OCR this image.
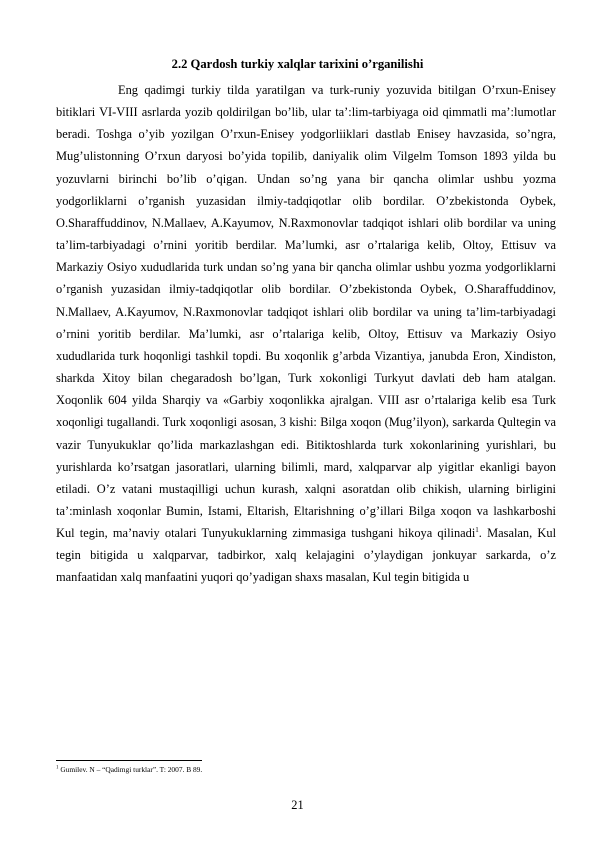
2.2 Qardosh turkiy xalqlar tarixini o’rganilishi

Eng qadimgi turkiy tilda yaratilgan va turk-runiy yozuvida bitilgan O’rxun-Enisey bitiklari VI-VIII asrlarda yozib qoldirilgan bo’lib, ular ta’:lim-tarbiyaga oid qimmatli ma’:lumotlar beradi. Toshga o’yib yozilgan O’rxun-Enisey yodgorliiklari dastlab Enisey havzasida, so’ngra, Mug’ulistonning O’rxun daryosi bo’yida topilib, daniyalik olim Vilgelm Tomson 1893 yilda bu yozuvlarni birinchi bo’lib o’qigan. Undan so’ng yana bir qancha olimlar ushbu yozma yodgorliklarni o’rganish yuzasidan ilmiy-tadqiqotlar olib bordilar. O’zbekistonda Oybek, O.Sharaffuddinov, N.Mallaev, A.Kayumov, N.Raxmonovlar tadqiqot ishlari olib bordilar va uning ta’lim-tarbiyadagi o’rnini yoritib berdilar. Ma’lumki, asr o’rtalariga kelib, Oltoy, Ettisuv va Markaziy Osiyo xududlarida turk undan so’ng yana bir qancha olimlar ushbu yozma yodgorliklarni o’rganish yuzasidan ilmiy-tadqiqotlar olib bordilar. O’zbekistonda Oybek, O.Sharaffuddinov, N.Mallaev, A.Kayumov, N.Raxmonovlar tadqiqot ishlari olib bordilar va uning ta’lim-tarbiyadagi o’rnini yoritib berdilar. Ma’lumki, asr o’rtalariga kelib, Oltoy, Ettisuv va Markaziy Osiyo xududlarida turk hoqonligi tashkil topdi. Bu xoqonlik g’arbda Vizantiya, janubda Eron, Xindiston, sharkda Xitoy bilan chegaradosh bo’lgan, Turk xokonligi Turkyut davlati deb ham atalgan. Xoqonlik 604 yilda Sharqiy va «Garbiy xoqonlikka ajralgan. VIII asr o’rtalariga kelib esa Turk xoqonligi tugallandi. Turk xoqonligi asosan, 3 kishi: Bilga xoqon (Mug’ilyon), sarkarda Qultegin va vazir Tunyukuklar qo’lida markazlashgan edi. Bitiktoshlarda turk xokonlarining yurishlari, bu yurishlarda ko’rsatgan jasoratlari, ularning bilimli, mard, xalqparvar alp yigitlar ekanligi bayon etiladi. O’z vatani mustaqilligi uchun kurash, xalqni asoratdan olib chikish, ularning birligini ta’:minlash xoqonlar Bumin, Istami, Eltarish, Eltarishning o’g’illari Bilga xoqon va lashkarboshi Kul tegin, ma’naviy otalari Tunyukuklarning zimmasiga tushgani hikoya qilinadi$^1$. Masalan, Kul tegin bitigida u xalqparvar, tadbirkor, xalq kelajagini o’ylaydigan jonkuyar sarkarda, o’z manfaatidan xalq manfaatini yuqori qo’yadigan shaxs masalan, Kul tegin bitigida u

$^1$ Gumilev. N – “Qadimgi turklar”. T: 2007. B 89.
21
